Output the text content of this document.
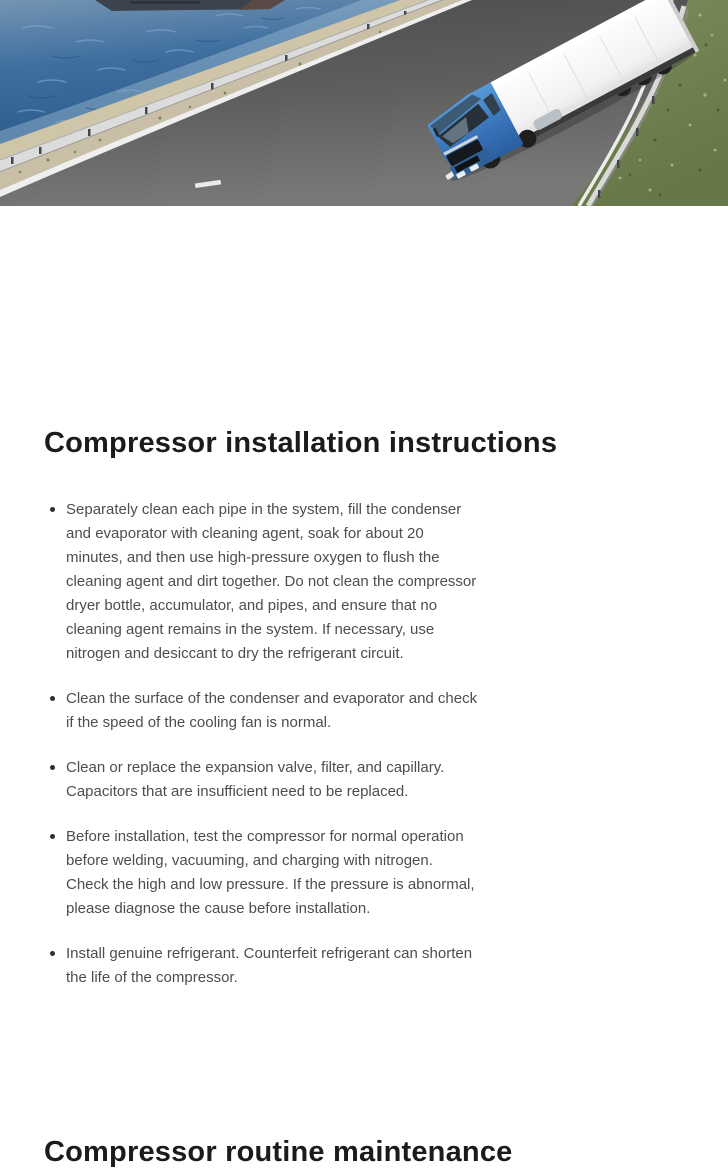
Compressor installation instructions
Separately clean each pipe in the system, fill the condenser and evaporator with cleaning agent, soak for about 20 minutes, and then use high-pressure oxygen to flush the cleaning agent and dirt together. Do not clean the compressor dryer bottle, accumulator, and pipes, and ensure that no cleaning agent remains in the system. If necessary, use nitrogen and desiccant to dry the refrigerant circuit.
Clean the surface of the condenser and evaporator and check if the speed of the cooling fan is normal.
Clean or replace the expansion valve, filter, and capillary. Capacitors that are insufficient need to be replaced.
Before installation, test the compressor for normal operation before welding, vacuuming, and charging with nitrogen. Check the high and low pressure. If the pressure is abnormal, please diagnose the cause before installation.
Install genuine refrigerant. Counterfeit refrigerant can shorten the life of the compressor.
Compressor routine maintenance
